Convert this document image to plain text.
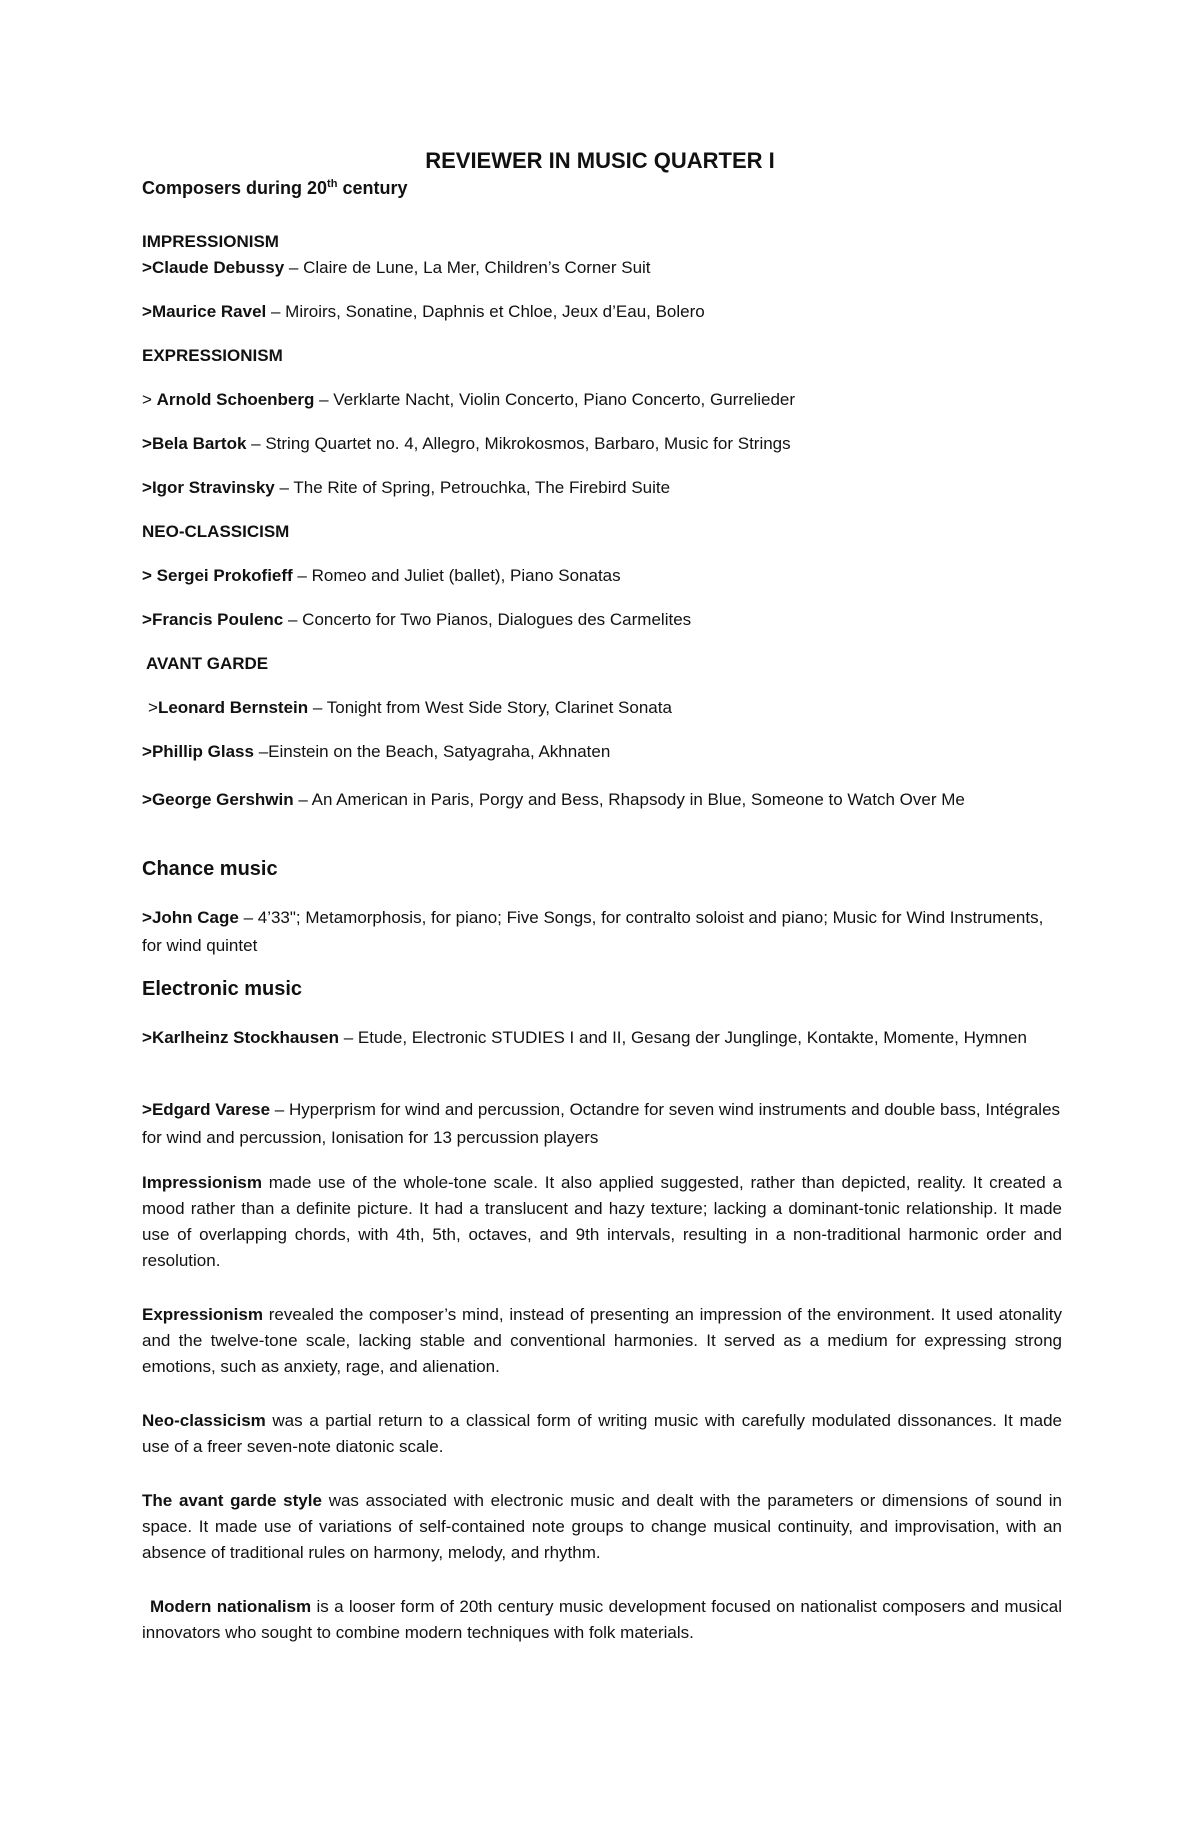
REVIEWER IN MUSIC QUARTER I
Composers during 20th century
IMPRESSIONISM
>Claude Debussy – Claire de Lune, La Mer, Children’s Corner Suit
>Maurice Ravel – Miroirs, Sonatine, Daphnis et Chloe, Jeux d’Eau, Bolero
EXPRESSIONISM
> Arnold Schoenberg – Verklarte Nacht, Violin Concerto, Piano Concerto, Gurrelieder
>Bela Bartok – String Quartet no. 4, Allegro, Mikrokosmos, Barbaro, Music for Strings
>Igor Stravinsky – The Rite of Spring, Petrouchka, The Firebird Suite
NEO-CLASSICISM
> Sergei Prokofieff – Romeo and Juliet (ballet), Piano Sonatas
>Francis Poulenc – Concerto for Two Pianos, Dialogues des Carmelites
AVANT GARDE
>Leonard Bernstein – Tonight from West Side Story, Clarinet Sonata
>Phillip Glass –Einstein on the Beach, Satyagraha, Akhnaten
>George Gershwin – An American in Paris, Porgy and Bess, Rhapsody in Blue, Someone to Watch Over Me
Chance music
>John Cage – 4’33"; Metamorphosis, for piano; Five Songs, for contralto soloist and piano; Music for Wind Instruments, for wind quintet
Electronic music
>Karlheinz Stockhausen – Etude, Electronic STUDIES I and II, Gesang der Junglinge, Kontakte, Momente, Hymnen
>Edgard Varese – Hyperprism for wind and percussion, Octandre for seven wind instruments and double bass, Intégrales for wind and percussion, Ionisation for 13 percussion players
Impressionism made use of the whole-tone scale. It also applied suggested, rather than depicted, reality. It created a mood rather than a definite picture. It had a translucent and hazy texture; lacking a dominant-tonic relationship. It made use of overlapping chords, with 4th, 5th, octaves, and 9th intervals, resulting in a non-traditional harmonic order and resolution.
Expressionism revealed the composer’s mind, instead of presenting an impression of the environment. It used atonality and the twelve-tone scale, lacking stable and conventional harmonies. It served as a medium for expressing strong emotions, such as anxiety, rage, and alienation.
Neo-classicism was a partial return to a classical form of writing music with carefully modulated dissonances. It made use of a freer seven-note diatonic scale.
The avant garde style was associated with electronic music and dealt with the parameters or dimensions of sound in space. It made use of variations of self-contained note groups to change musical continuity, and improvisation, with an absence of traditional rules on harmony, melody, and rhythm.
Modern nationalism is a looser form of 20th century music development focused on nationalist composers and musical innovators who sought to combine modern techniques with folk materials.
